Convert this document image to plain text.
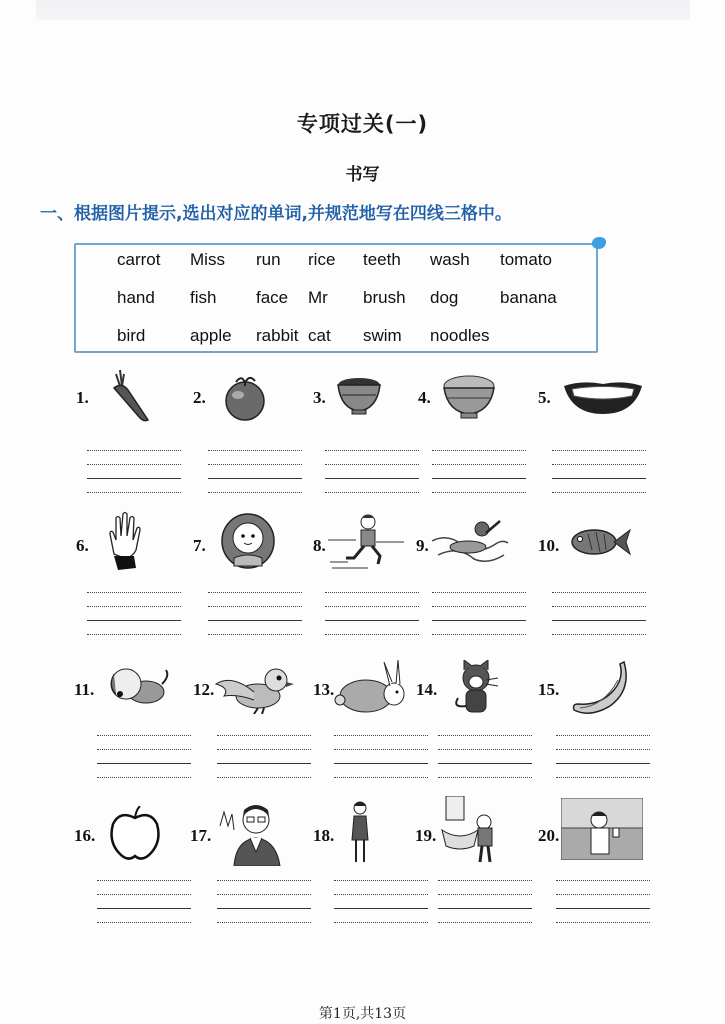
专项过关(一)
书写
一、根据图片提示,选出对应的单词,并规范地写在四线三格中。
carrot Miss run rice teeth wash tomato
hand fish face Mr brush dog banana
bird	apple rabbit cat swim noodles
1.	2.	3.	4.	5.
6.	7.	8.	9.	10.
11.	12.	13.	14.	15.
16.	17.	18.	19.	20.
第1页,共13页
